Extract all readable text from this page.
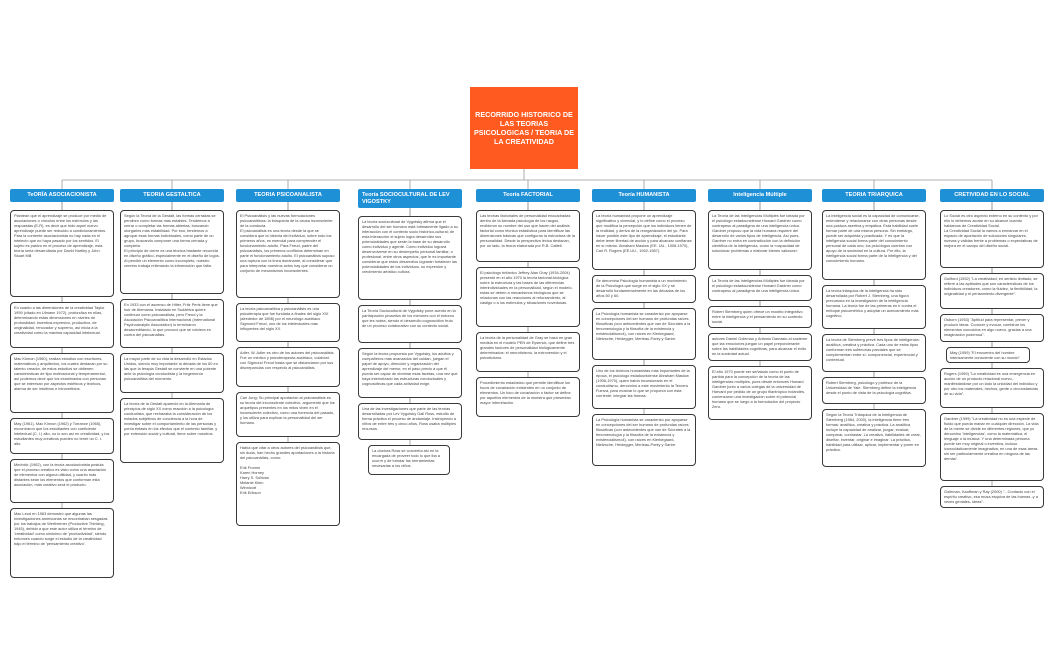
RECORRIDO HISTORICO DE LAS TEORIAS PSICOLOGICAS / TEORIA DE LA CREATIVIDAD
TeORÍA ASOCIACIONISTA
Plantean que el aprendizaje se produce por medio de asociaciones o vínculos entre los estímulos y las respuestas (E-R), es decir que todo aquel nuevo aprendizaje puede ser reducido a condicionamientos. Para la corriente asociacionista no hay nada en el intelecto que no haya pasado por los sentidos. El sujeto es pasivo en el proceso de aprendizaje, esta teoría seria desarrollada por David Hartley y John Stuart Mill
En cuanto a las dimensiones de la creatividad Taylor 1959 (citado en Ulmann 1972), profundiza en ellas, determinando estas dimensiones en niveles de profundidad: inventiva-expresivo, productivo, de originalidad, renovador y supremo, así inicia a la creatividad como la máxima capacidad intelectual.
Mac Kinnon (1960), realiza estudios con escritores, matemáticos y arquitectos, los cuales destacan por su talento creador, de estos estudios se obtienen características de tipo motivacional y temperamental, así podemos decir que los examinados con personas que se interesan por aspectos estéticos y teóricos, alarma de ser intuitivos e introvertidos.
May (1961), Mac Kinnon (1962) y Torrance (1965), encontraron que los estudiantes con coeficiente intelectual (C. I.) alto, no lo son así en creatividad, y los estudiantes muy creativos pueden no tener un C. I. alto.
Mednick (1962), con la teoría asociacionista postula que el proceso creativo es visto como una asociación de elementos con alguna utilidad, y cuanto más distantes sean los elementos que conforman esta asociación, más creativo será el producto.
Mac Leod en 1963 demostró que algunas las investigaciones americanas se encontraban sesgadas por los trabajos de Wertheimer (Productive Thinking, 1945), debido a que este autor utiliza el término de 'creatividad' como sinónimo de 'productividad', siendo entonces cuando surge el estudio de la creatividad bajo el término de 'pensamiento creativo'.
TEORIA GESTALTICA
Según la Teoría de la Gestalt, las formas cerradas se perciben como formas más estables. Tendemos a cerrar o completar las formas abiertas, buscando otorgarles más estabilidad. Por eso, tendemos a agrupar esas formas individuales, como parte de un grupo, buscando componer una forma cerrada y completa.
El principio de cierre es una técnica bastante recurrida en diseño gráfico, especialmente en el diseño de logos. Al percibir un elemento como incompleto, nuestro cerebro trabaja rellenando la información que falta.
En 1933 con el ascenso de Hitler, Fritz Perls tiene que huir de Alemania. Instalado en Sudáfrica quiere continuar como psicoanalista, pero Freud y la Asociación Psicoanalítica Internacional (International Psychoanalytic Association) lo terminaron desacreditando, lo que provocó que se volviera en contra del psicoanálisis.
La mayor parte de su vida la desarrolló en Estados Unidos, siendo muy importante la década de los 60 en las que la terapia Gestalt se convierte en una potente ante la psicología conductista y la hegemonía psicoanalítica del momento.
La teoría de la Gestalt apareció en la Alemania de principios de siglo XX como reacción a la psicología conductista, que rechazaba la consideración de los estados subjetivos de conciencia a la hora de investigar sobre el comportamiento de las personas y ponía énfasis en los efectos que el contexto familiar, y por extensión social y cultural, tiene sobre nosotros.
TEORIA PSICOANALISTA
El Psicoanálisis y las nuevas formulaciones psicoanalíticas: la búsqueda de la causa inconsciente de la conducta.
El psicoanálisis es una teoría desde la que se considera que la historia del individuo, sobre todo los primeros años, es esencial para comprender el funcionamiento adulto. Para Freud, padre del psicoanálisis, los primeros conflictos determinan en parte el funcionamiento adulto. El psicoanálisis supuso una ruptura con la línea dominante, al considerar que para interpretar nuestros actos hay que considerar un conjunto de mecanismos inconscientes.
La teoría psicoanalítica y psicoanálisis es una psicoterapia que fue fundada a finales del siglo XIX (alrededor de 1896) por el neurólogo austriaco Sigmund Freud, uno de los intelectuales más influyentes del siglo XX.
Adler, W. Adler es otro de los autores del psicoanálisis. Fue un médico y psicoterapeuta austriaco, colaboró con Sigmund Freud hasta que se distanciaron por sus discrepancias con respecto al psicoanálisis.
Carl Jung: Su principal aportación al psicoanálisis es su teoría del inconsciente colectivo, argumentó que los arquetipos presentes en los mitos viven en el inconsciente colectivo, como una herencia del pasado, y los utiliza para explicar la personalidad del ser humano.
Había que citar a otros autores del psicoanálisis que, sin duda, han hecho grandes aportaciones a la historia del psicoanálisis, como:

Erik Fromm
Karen Horney
Harry S. Sullivan
Melanie Klein
Winnicott
Erik Erikson
Teoría SOCIOCULTURAL DE LEV VIGOSTKY
La teoría sociocultural de Vygotsky afirma que el desarrollo del ser humano está íntimamente ligado a su interacción con el contexto socio histórico-cultural; de esta interacción el sujeto logra desarrollar sus potencialidades que serán la base de su desarrollo como individuo y agente. Como individuo logrará desenvolverse en su desempeño personal familiar, o profesional, entre otros aspectos, que le es importante considerar que estos desarrollos lograrán fortalecer las potencialidades de los individuos, su expresión y crecimiento artístico cultura.
La Teoría Sociocultural de Vygotsky pone acento en la participación proactiva de los menores con el entorno que les rodea, siendo el desarrollo cognoscitivo fruto de un proceso colaborativo con su contexto social.
Según la teoría propuesta por Vygotsky, los adultos y compañeros más avanzados del cuidan, juegan el papel de apoyo, dirección y organización del aprendizaje del menor, en el paso previo a que él pueda ser capaz de dominar esas facetas, una vez que haya interiorizado las estructuras conductuales y cognoscitivas que cada actividad exige.
Una de las investigaciones que parte de las teorías desarrolladas por Lev Vygotsky Gail Ross, estudió de forma práctica el proceso de andamiaje. Instruyendo a niños de entre tres y cinco años, Ross usaba múltiples recursos.
La doctora Ross se convertía así en la encargada de proveer todo lo que iba a ocurrir y de brindar las herramientas necesarias a los niños.
Teoría FACTORIAL
Las teorías factoriales de personalidad encuadradas dentro de la llamada psicología de los rasgos, recibieron su nombre del uso que hacen del análisis factorial como técnica estadística para identificar las dimensiones básicas que configuran la estructura de la personalidad. Desde la perspectiva léxica destacan, por un lado, la teoría elaborada por R.B. Cattell.
El psicólogo británico Jeffrey Alan Gray (1934-2004) presentó en el año 1970 la teoría factorial-biológica sobre la estructura y las bases de las diferencias interindividuales en la personalidad, según el modelo, estas se deben a mecanismos biológicos que se relacionan con las reacciones al reforzamiento, al castigo o a los estímulos y situaciones novedosas.
La teoría de la personalidad de Gray se basó en gran medida en el modelo PEN de Eysenck, que define tres grandes factores de personalidad biológicamente determinados: el neuroticismo, la extroversión y el psicoticismo.
Procedimiento estadístico que permite identificar los focos de covariación existentes en un conjunto de elementos. Un foco de covariación o factor se define por aquellos elementos de la muestra que presentan mayor interrelación.
Teoría HUMANISTA
La teoría humanista propone un aprendizaje significativo y vivencial, y lo define como el proceso que modifica la percepción que los individuos tienen de la realidad, y deriva de la reorganización del yo. Para hacer posible este tipo de aprendizaje, el estudiante debe tener libertad de acción y para alcanzar confianza en sí mismo. Abraham Maslow (EE. UU., 1908-1970), Carl R. Rogers (EE.UU., 1902-1987).
Se denomina Psicología humanista a un movimiento de la Psicología que surge en el siglo XX y se desarrolló fundamentalmente en las décadas de los años 50 y 60.
La Psicología humanista se caracterizó por apoyarse en concepciones del ser humano de profundas raíces filosóficas (con antecedentes que van de Sócrates a la fenomenología y la filosofía de la existencia y existencialismo4), con raíces en Kierkegaard, Nietzsche, Heidegger, Merleau-Ponty y Sartre.
Uno de los teóricos humanistas más importantes de la época, el psicólogo estadounidense Abraham Maslow (1908-1970), quien había incursionado en el conductismo, denominó a este movimiento la Tercera Fuerza, para mostrar lo que se proponía con esta corriente: integrar las formas.
La Psicología humanista se caracterizó por apoyarse en concepciones del ser humano de profundas raíces filosóficas (con antecedentes que van de Sócrates a la fenomenología y la filosofía de la existencia y existencialismo4), con raíces en Kierkegaard, Nietzsche, Heidegger, Merleau-Ponty y Sartre.
Inteligencia Múltiple
La Teoría de las Inteligencias Múltiples fue ideada por el psicólogo estadounidense Howard Gardner como contrapeso al paradigma de una inteligencia única. Gardner propuso que la vida humana requiere del desarrollo de varios tipos de inteligencia. Así pues, Gardner no entra en contradicción con la definición científica de la inteligencia, como la «capacidad de solucionar problemas o elaborar bienes valiosos».
La Teoría de las Inteligencias Múltiples fue ideada por el psicólogo estadounidense Howard Gardner como contrapeso al paradigma de una inteligencia única.
Robert Sternberg quien ofrece un modelo integrativo entre la inteligencia y el pensamiento en su contexto social.
autores Daniel Goleman y Antonio Damasio al sostener que las emociones juegan un papel preponderante sobre las habilidades cognitivas, para alcanzar el éxito en la sociedad actual.
El año 1970 puede ser señalado como el punto de partida para la concepción de la teoría de las inteligencias múltiples, pues desde entonces Howard Gardner junto a varios colegas de la universidad de Harvard por pedido de un grupo filantrópico holandés, comenzaron una investigación sobre el potencial humano que se luego a la formulación del proyecto Zero.
TEORIA TRIARQUICA
La inteligencia social es la capacidad de comunicarse, entenderse y relacionarse con otras personas desde una postura asertiva y empática. Esta habilidad suele formar parte de una misma persona. Sin embargo, puede ser adquirida y practicada. Y es que la inteligencia social forma parte del conocimiento personal de cada uno; los psicólogos cuentan con apoyo de la sociedad en la cultura. Por ello, la inteligencia social forma parte de la inteligencia y del conocimiento humano.
La teoría triárquica de la inteligencia ha sido desarrollada por Robert J. Sternberg, una figura precursora en la investigación de la inteligencia humana. La teoría fue de las primeras en ir contra el enfoque psicométrico y adoptar un acercamiento más cognitivo.
La teoría de Sternberg prevé tres tipos de inteligencia: analítica, creativa y práctica. Cada uno de estos tipos conforman tres subteorías parciales que se complementan entre sí: componencial, experiencial y contextual.
Robert Sternberg, psicólogo y profesor de la Universidad de Yale. Sternberg define la inteligencia desde el punto de vista de la psicología cognitiva.
Según la Teoría Triárquica de la Inteligencia de Sternberg (1984, 2000), la inteligencia tiene tres formas: analítica, creativa y práctica. La analítica incluye la capacidad de analizar, juzgar, evaluar, comparar, contrastar. La creativa, habilidades de crear, diseñar, inventar, originar e imaginar. La práctica, habilidad para utilizar, aplicar, implementar y poner en práctica.
CRETIVIDAD EN LO SOCIAL
Lo Social es otro aspecto externo en su contexto y por ello lo debemos acotar en su alcance cuando hablamos de Creatividad Social.
La Creatividad Social la vamos a enmarcar en el espacio de aportación de soluciones singulares, nuevas y válidas frente a problemas o expectativas de mejora en el campo del diseño social.
Guilford (1952) "La creatividad, en sentido limitado, se refiere a las aptitudes que son características de los individuos creadores, como la fluidez, la flexibilidad, la originalidad y el pensamiento divergente".
Osborn (1953) "Aptitud para representar, prever y producir ideas. Conocer y evocar, combinar los elementos conocidos en algo nuevo, gracias a una imaginación poderosa".
May (1959) "El encuentro del hombre intensamente consciente con su mundo"
Rogers (1959) "La creatividad es una emergencia en acción de un producto relacional nuevo, manifestándose por un lado la unicidad del individuo y por otro los materiales, hechos, gente o circunstancias de su vida".
Gardner (1999) "La creatividad no es una especie de fluido que pueda manar en cualquier dirección. La vida de la mente se divide en diferentes regiones, que yo denomino 'inteligencias', como la matemática, el lenguaje o la música. Y una determinada persona puede ser muy original o inventiva, incluso iconoclásticamente imaginativa, en una de esas áreas sin ser particularmente creativa en ninguna de las demás".
Goleman, Kauffman y Ray (2000) "...Contacto con el espíritu creativo, esa musa esquiva de las buenas -y a veces geniales- ideas".
